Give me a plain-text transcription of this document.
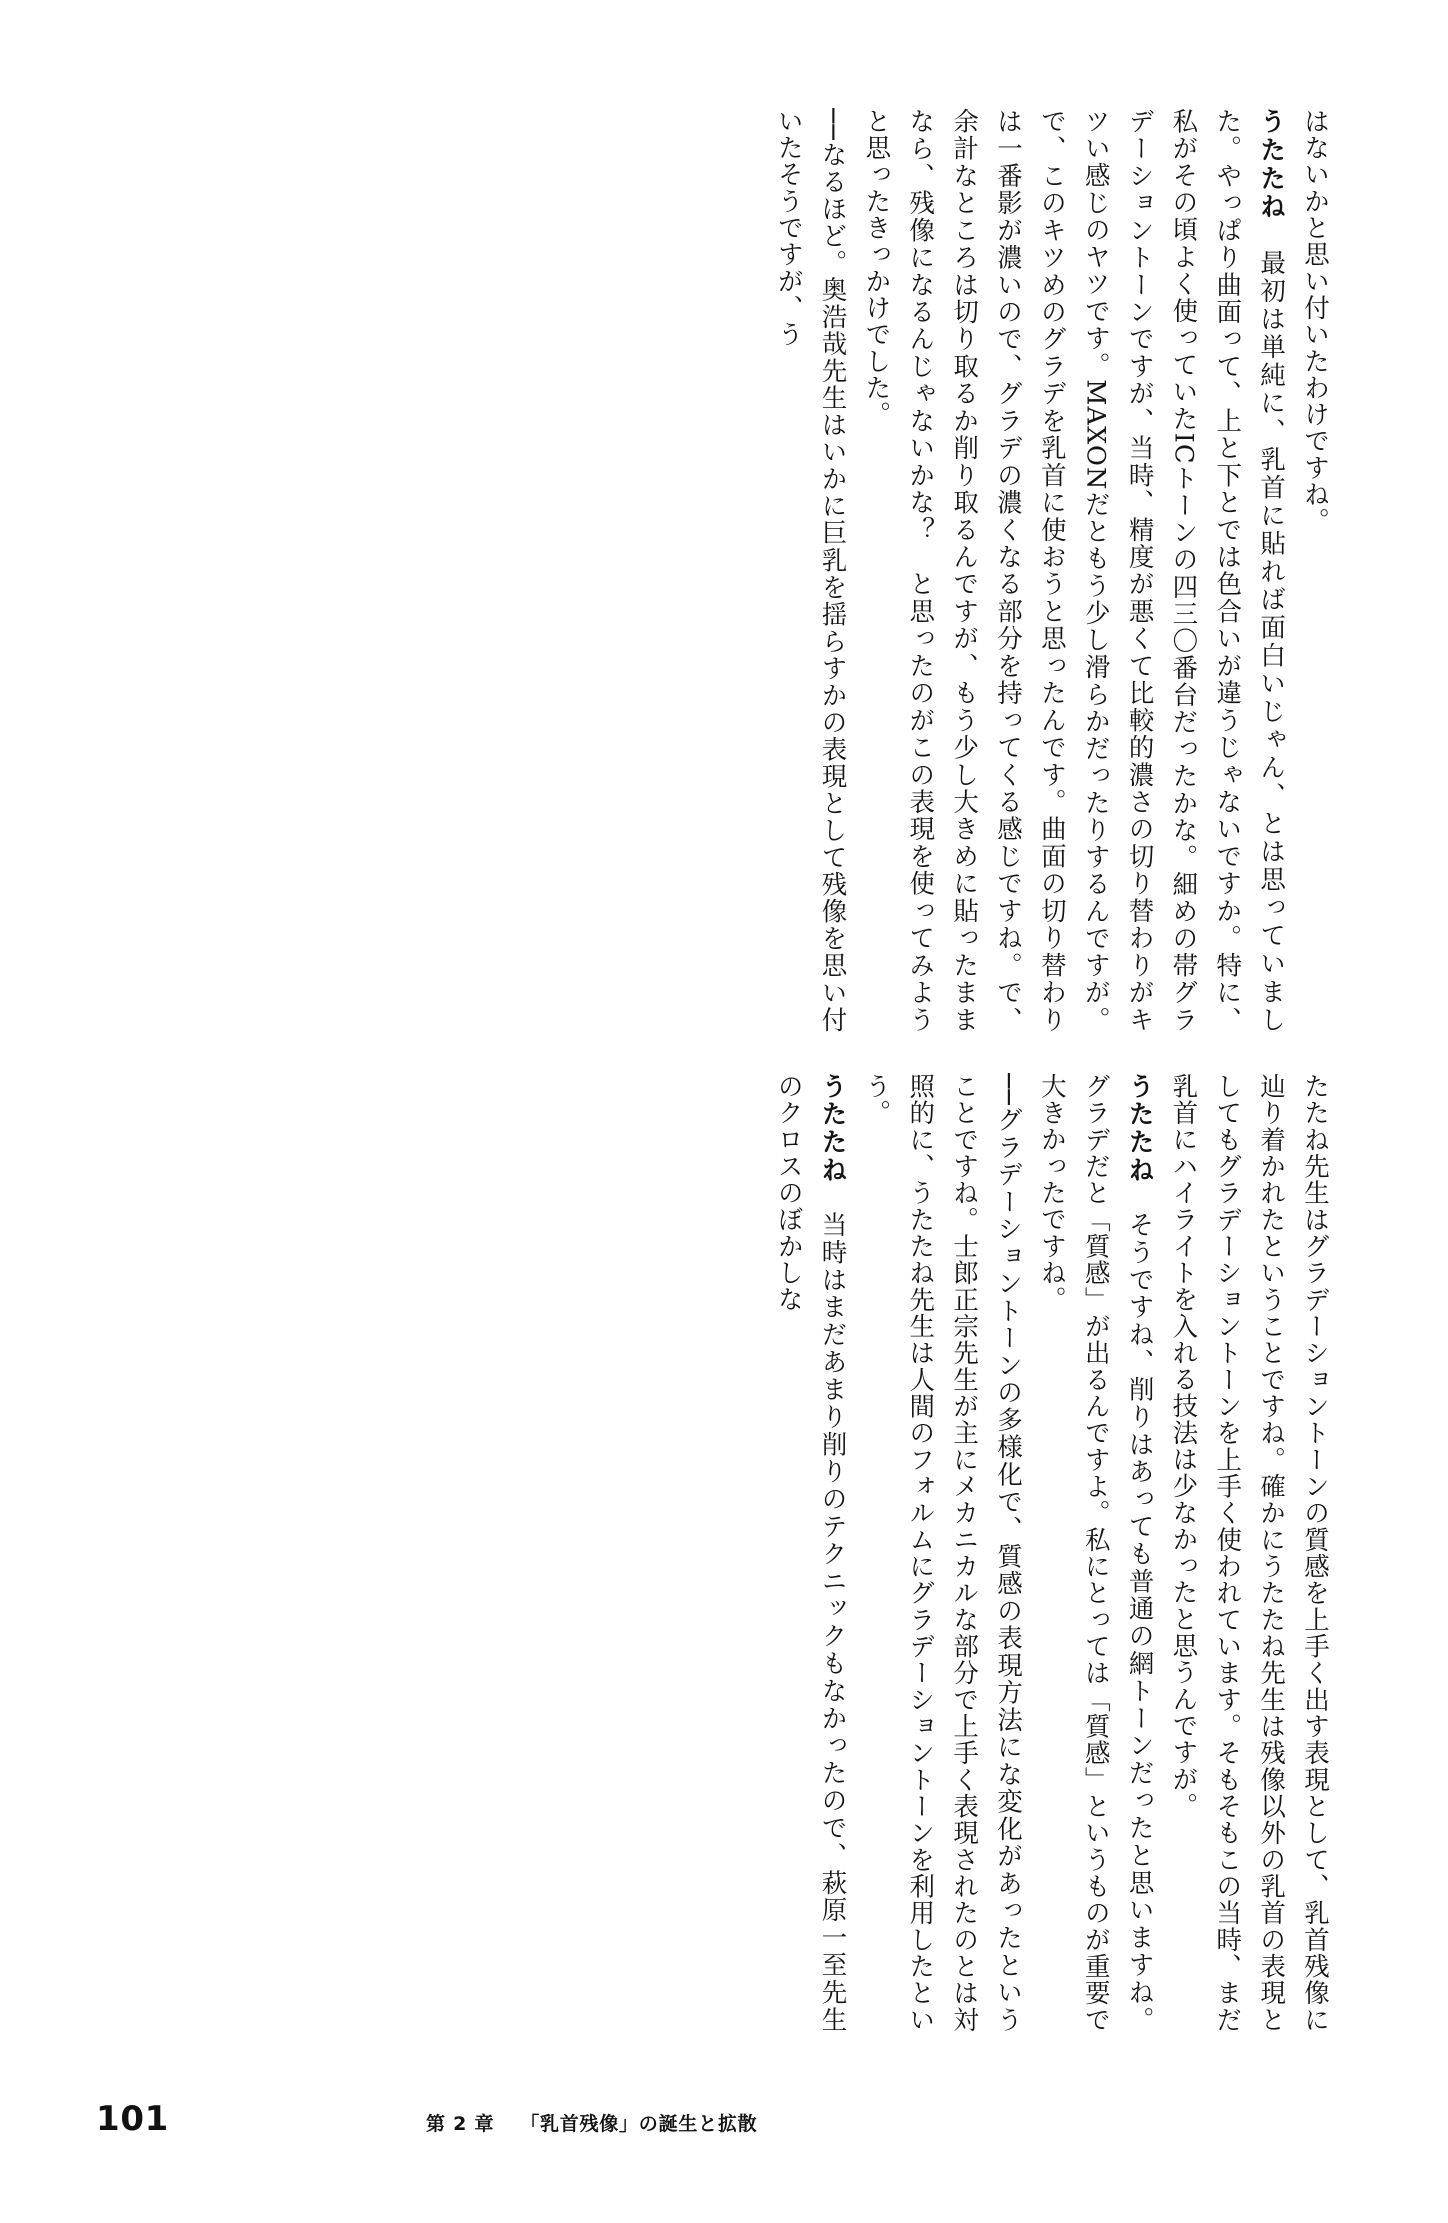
はないかと思い付いたわけですね。
うたたね　最初は単純に、乳首に貼れば面白いじゃん、とは思っていました。やっぱり曲面って、上と下とでは色合いが違うじゃないですか。特に、私がその頃よく使っていたICトーンの四三〇番台だったかな。細めの帯グラデーショントーンですが、当時、精度が悪くて比較的濃さの切り替わりがキツい感じのヤツです。MAXONだともう少し滑らかだったりするんですが。で、このキツめのグラデを乳首に使おうと思ったんです。曲面の切り替わりは一番影が濃いので、グラデの濃くなる部分を持ってくる感じですね。で、余計なところは切り取るか削り取るんですが、もう少し大きめに貼ったままなら、残像になるんじゃないかな？　と思ったのがこの表現を使ってみようと思ったきっかけでした。
──なるほど。奥浩哉先生はいかに巨乳を揺らすかの表現として残像を思い付いたそうですが、う
たたね先生はグラデーショントーンの質感を上手く出す表現として、乳首残像に辿り着かれたということですね。確かにうたたね先生は残像以外の乳首の表現としてもグラデーショントーンを上手く使われています。そもそもこの当時、まだ乳首にハイライトを入れる技法は少なかったと思うんですが。
うたたね　そうですね、削りはあっても普通の網トーンだったと思いますね。グラデだと「質感」が出るんですよ。私にとっては「質感」というものが重要で大きかったですね。
──グラデーショントーンの多様化で、質感の表現方法にな変化があったということですね。士郎正宗先生が主にメカニカルな部分で上手く表現されたのとは対照的に、うたたね先生は人間のフォルムにグラデーショントーンを利用したという。
うたたね　当時はまだあまり削りのテクニックもなかったので、萩原一至先生のクロスのぼかしな
101	第 2 章 「乳首残像」の誕生と拡散
